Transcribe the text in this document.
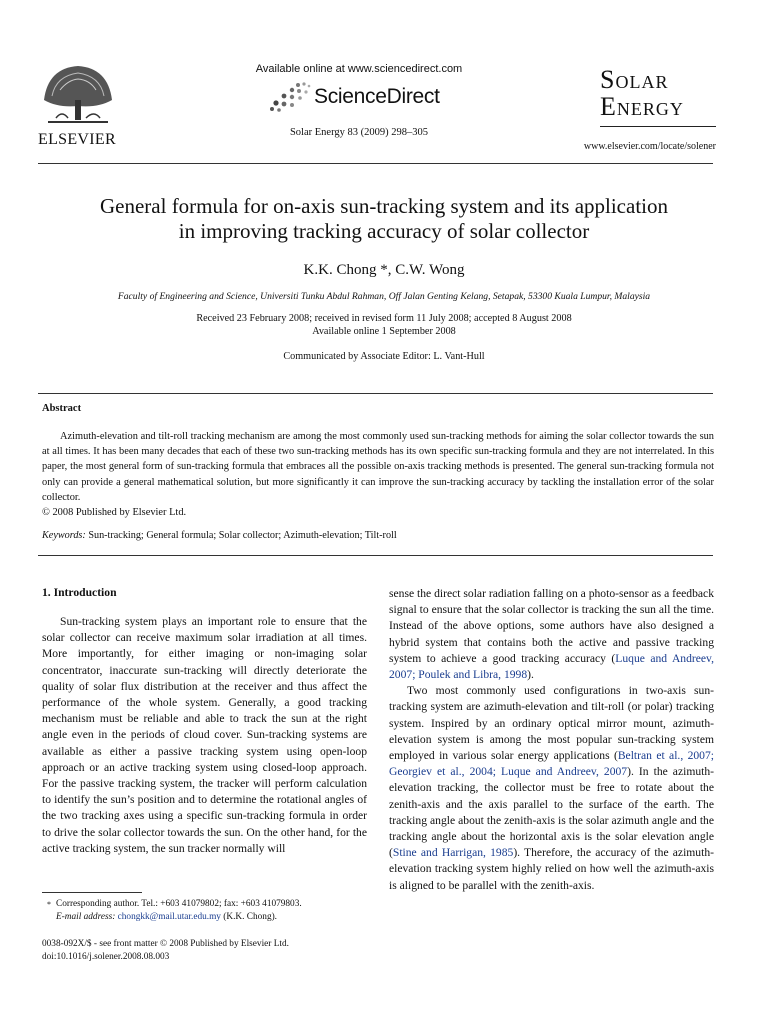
ELSEVIER
Available online at www.sciencedirect.com
ScienceDirect
Solar Energy 83 (2009) 298–305
Solar
Energy
www.elsevier.com/locate/solener
General formula for on-axis sun-tracking system and its application
in improving tracking accuracy of solar collector
K.K. Chong *, C.W. Wong
Faculty of Engineering and Science, Universiti Tunku Abdul Rahman, Off Jalan Genting Kelang, Setapak, 53300 Kuala Lumpur, Malaysia
Received 23 February 2008; received in revised form 11 July 2008; accepted 8 August 2008
Available online 1 September 2008
Communicated by Associate Editor: L. Vant-Hull
Abstract
Azimuth-elevation and tilt-roll tracking mechanism are among the most commonly used sun-tracking methods for aiming the solar collector towards the sun at all times. It has been many decades that each of these two sun-tracking methods has its own specific sun-tracking formula and they are not interrelated. In this paper, the most general form of sun-tracking formula that embraces all the possible on-axis tracking methods is presented. The general sun-tracking formula not only can provide a general mathematical solution, but more significantly it can improve the sun-tracking accuracy by tackling the installation error of the solar collector.
© 2008 Published by Elsevier Ltd.
Keywords: Sun-tracking; General formula; Solar collector; Azimuth-elevation; Tilt-roll
1. Introduction

Sun-tracking system plays an important role to ensure that the solar collector can receive maximum solar irradiation at all times. More importantly, for either imaging or non-imaging solar concentrator, inaccurate sun-tracking will directly deteriorate the quality of solar flux distribution at the receiver and thus affect the performance of the whole system. Generally, a good tracking mechanism must be reliable and able to track the sun at the right angle even in the periods of cloud cover. Sun-tracking systems are available as either a passive tracking system using open-loop approach or an active tracking system using closed-loop approach. For the passive tracking system, the tracker will perform calculation to identify the sun’s position and to determine the rotational angles of the two tracking axes using a specific sun-tracking formula in order to drive the solar collector towards the sun. On the other hand, for the active tracking system, the sun tracker normally will

sense the direct solar radiation falling on a photo-sensor as a feedback signal to ensure that the solar collector is tracking the sun all the time. Instead of the above options, some authors have also designed a hybrid system that contains both the active and passive tracking system to achieve a good tracking accuracy (Luque and Andreev, 2007; Poulek and Libra, 1998).

Two most commonly used configurations in two-axis sun-tracking system are azimuth-elevation and tilt-roll (or polar) tracking system. Inspired by an ordinary optical mirror mount, azimuth-elevation system is among the most popular sun-tracking system employed in various solar energy applications (Beltran et al., 2007; Georgiev et al., 2004; Luque and Andreev, 2007). In the azimuth-elevation tracking, the collector must be free to rotate about the zenith-axis and the axis parallel to the surface of the earth. The tracking angle about the zenith-axis is the solar azimuth angle and the tracking angle about the horizontal axis is the solar elevation angle (Stine and Harrigan, 1985). Therefore, the accuracy of the azimuth-elevation tracking system highly relied on how well the azimuth-axis is aligned to be parallel with the zenith-axis.

* Corresponding author. Tel.: +603 41079802; fax: +603 41079803.
E-mail address: chongkk@mail.utar.edu.my (K.K. Chong).
0038-092X/$ - see front matter © 2008 Published by Elsevier Ltd.
doi:10.1016/j.solener.2008.08.003
